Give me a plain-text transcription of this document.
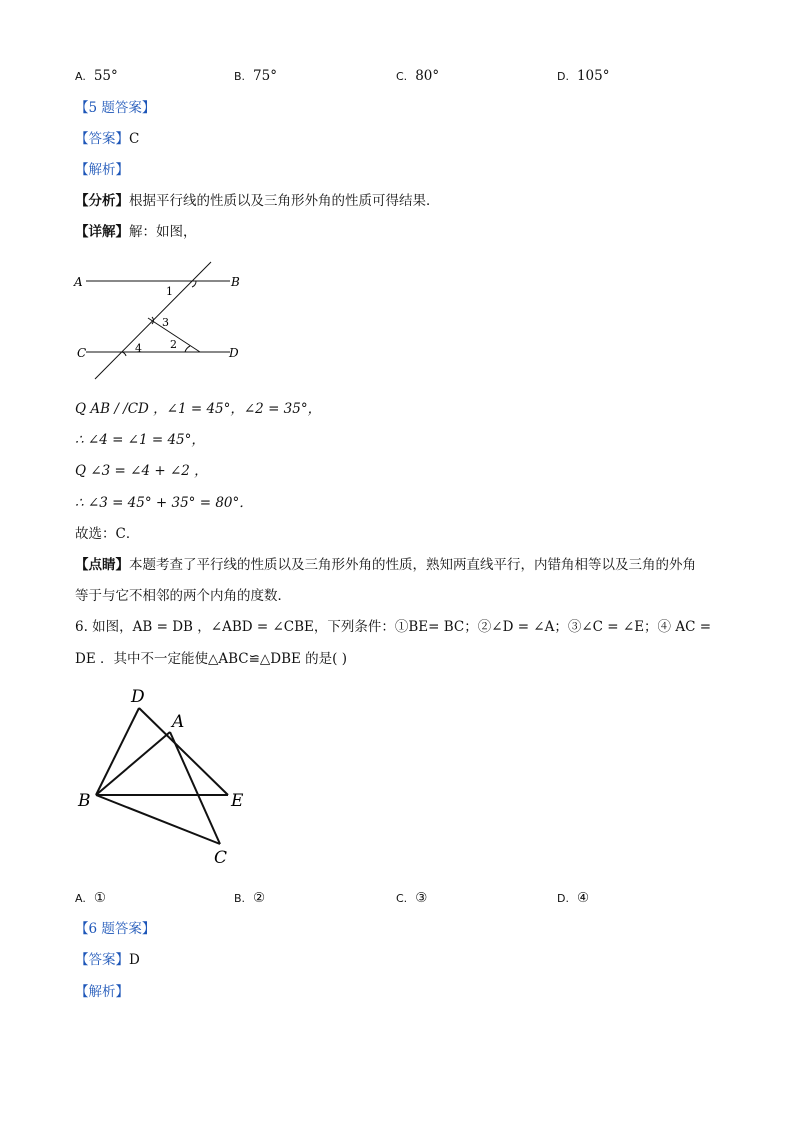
A. 55°	B. 75°	C. 80°	D. 105°
【5 题答案】
【答案】C
【解析】
【分析】根据平行线的性质以及三角形外角的性质可得结果．
【详解】解：如图，
A	B
C	D
1
3
2
4
Q AB / /CD ，∠1 = 45°，∠2 = 35°，
∴ ∠4 = ∠1 = 45°，
Q ∠3 = ∠4 + ∠2 ，
∴ ∠3 = 45° + 35° = 80°．
故选：C．
【点睛】本题考查了平行线的性质以及三角形外角的性质，熟知两直线平行，内错角相等以及三角的外角
等于与它不相邻的两个内角的度数．
6. 如图，AB = DB ，∠ABD = ∠CBE，下列条件：①BE= BC；②∠D = ∠A；③∠C = ∠E；④ AC =
DE ．其中不一定能使△ABC≌△DBE 的是( )
D
A
B	E
C
A. ①	B. ②	C. ③	D. ④
【6 题答案】
【答案】D
【解析】
